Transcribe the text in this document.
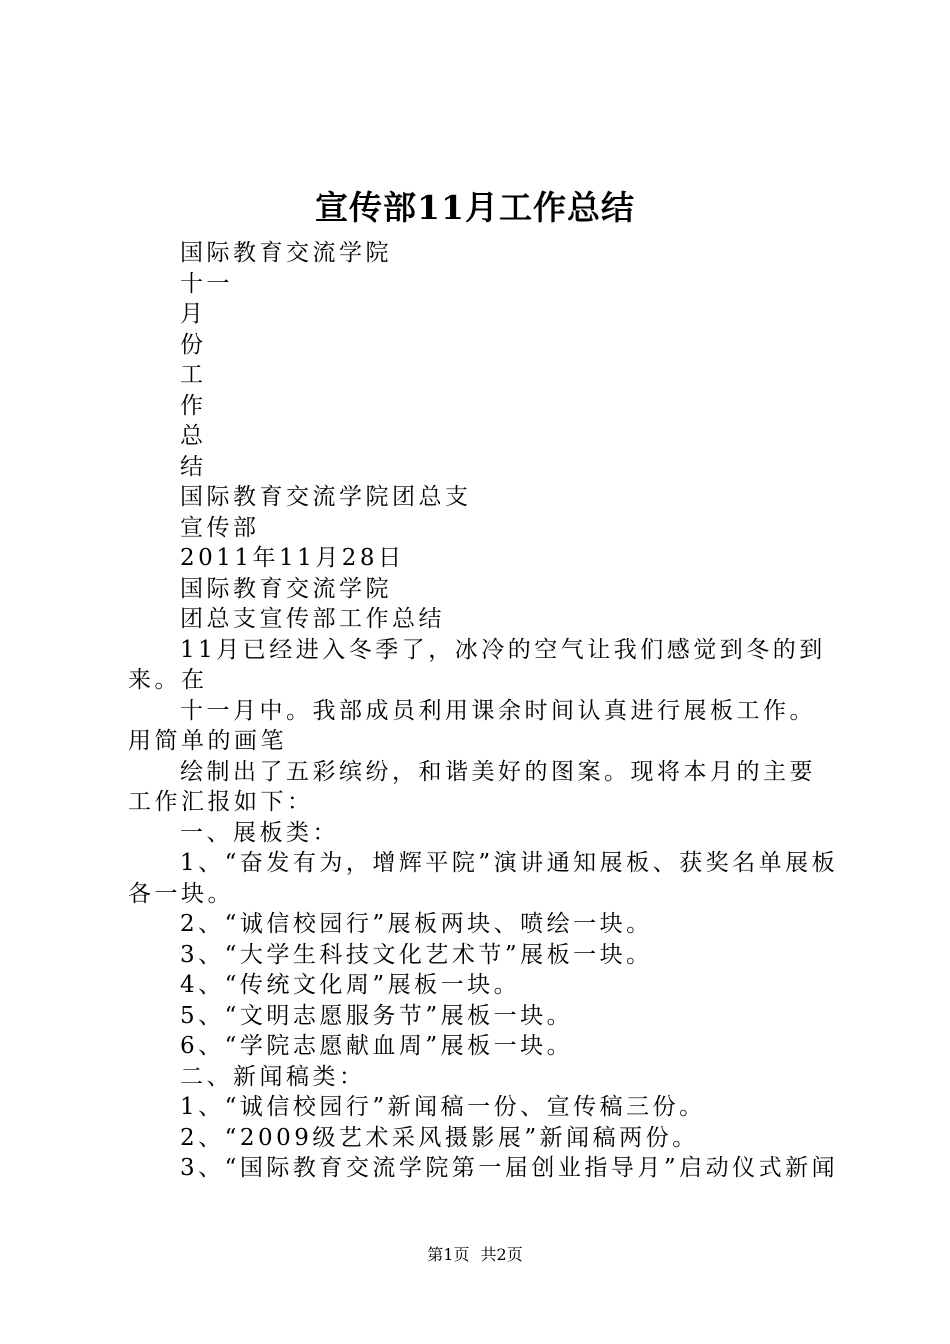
宣传部11月工作总结

国际教育交流学院

十一

月

份

工

作

总

结

国际教育交流学院团总支

宣传部

2011年11月28日

国际教育交流学院

团总支宣传部工作总结

11月已经进入冬季了，冰冷的空气让我们感觉到冬的到来。在

十一月中。我部成员利用课余时间认真进行展板工作。用简单的画笔

绘制出了五彩缤纷，和谐美好的图案。现将本月的主要工作汇报如下：

一、展板类：

1、“奋发有为，增辉平院”演讲通知展板、获奖名单展板各一块。

2、“诚信校园行”展板两块、喷绘一块。

3、“大学生科技文化艺术节”展板一块。

4、“传统文化周”展板一块。

5、“文明志愿服务节”展板一块。

6、“学院志愿献血周”展板一块。

二、新闻稿类：

1、“诚信校园行”新闻稿一份、宣传稿三份。

2、“2009级艺术采风摄影展”新闻稿两份。

3、“国际教育交流学院第一届创业指导月”启动仪式新闻

第1页 共2页
